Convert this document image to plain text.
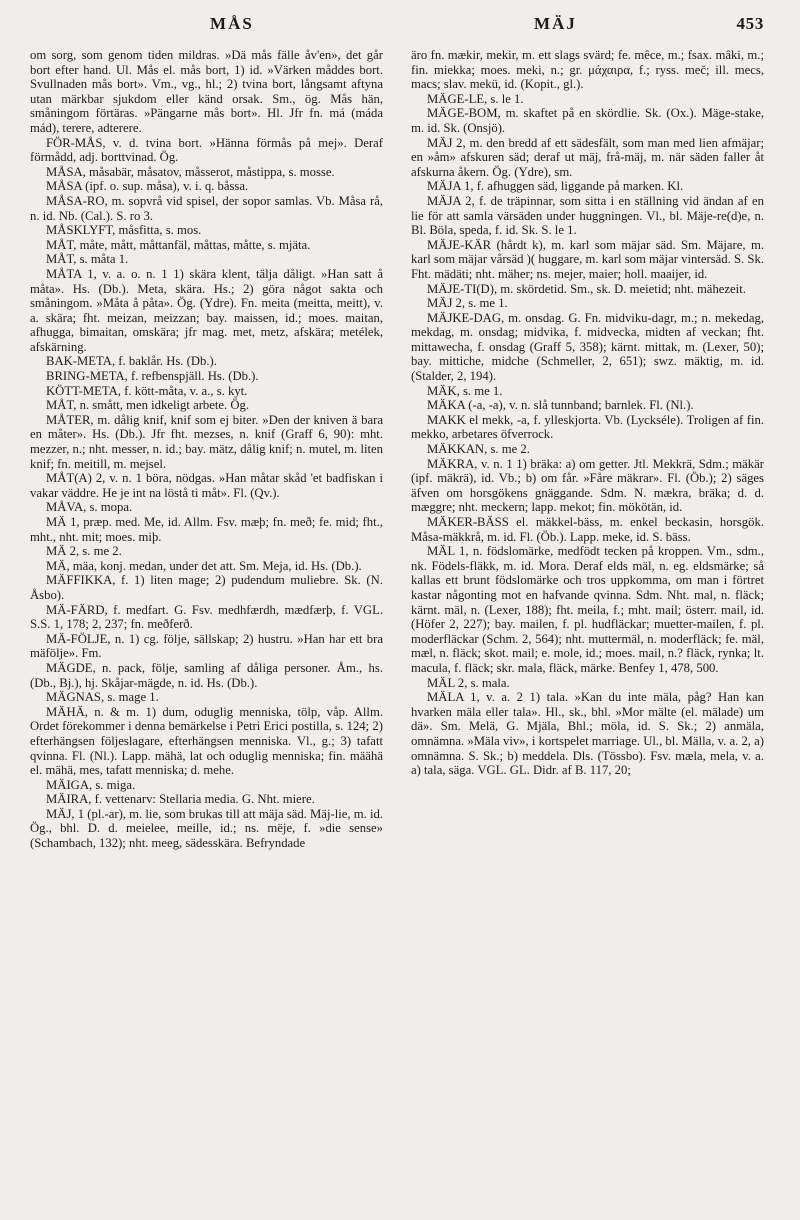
MÅS	MÄJ	453

om sorg, som genom tiden mildras. »Dä mås fälle åv'en», det går bort efter hand. Ul. Mås el. mås bort, 1) id. »Värken måddes bort. Svullnaden mås bort». Vm., vg., hl.; 2) tvina bort, långsamt aftyna utan märkbar sjukdom eller känd orsak. Sm., ög. Mås hän, småningom förtäras. »Pängarne mås bort». Hl. Jfr fn. má (máda mád), terere, adterere.

FÖR-MÅS, v. d. tvina bort. »Hänna förmås på mej». Deraf förmådd, adj. borttvinad. Ög.

MÅSA, måsabär, måsatov, måsserot, måstippa, s. mosse.

MÅSA (ipf. o. sup. måsa), v. i. q. båssa.

MÅSA-RO, m. sopvrå vid spisel, der sopor samlas. Vb. Måsa rå, n. id. Nb. (Cal.). S. ro 3.

MÅSKLYFT, måsfitta, s. mos.

MÅT, måte, mått, måttanfäl, måttas, måtte, s. mjäta.

MÅT, s. måta 1.

MÅTA 1, v. a. o. n. 1 1) skära klent, tälja dåligt. »Han satt å måta». Hs. (Db.). Meta, skära. Hs.; 2) göra något sakta och småningom. »Måta å påta». Ög. (Ydre). Fn. meita (meitta, meitt), v. a. skära; fht. meizan, meizzan; bay. maissen, id.; moes. maitan, afhugga, bimaitan, omskära; jfr mag. met, metz, afskära; metélek, afskärning.

BAK-META, f. baklår. Hs. (Db.).

BRING-META, f. refbenspjäll. Hs. (Db.).

KÖTT-META, f. kött-måta, v. a., s. kyt.

MÅT, n. smått, men idkeligt arbete. Ög.

MÅTER, m. dålig knif, knif som ej biter. »Den der kniven ä bara en måter». Hs. (Db.). Jfr fht. mezses, n. knif (Graff 6, 90): mht. mezzer, n.; nht. messer, n. id.; bay. mätz, dålig knif; n. mutel, m. liten knif; fn. meitill, m. mejsel.

MÅT(A) 2, v. n. 1 böra, nödgas. »Han måtar skåd 'et badfiskan i vakar väddre. He je int na löstå ti måt». Fl. (Qv.).

MÅVA, s. mopa.

MÄ 1, præp. med. Me, id. Allm. Fsv. mæþ; fn. með; fe. mid; fht., mht., nht. mit; moes. miþ.

MÄ 2, s. me 2.

MÄ, mäa, konj. medan, under det att. Sm. Meja, id. Hs. (Db.).

MÄFFIKKA, f. 1) liten mage; 2) pudendum muliebre. Sk. (N. Åsbo).

MÄ-FÄRD, f. medfart. G. Fsv. medhfærdh, mædfærþ, f. VGL. S.S. 1, 178; 2, 237; fn. meðferð.

MÄ-FÖLJE, n. 1) cg. följe, sällskap; 2) hustru. »Han har ett bra mäfölje». Fm.

MÄGDE, n. pack, följe, samling af dåliga personer. Åm., hs. (Db., Bj.), hj. Skåjar-mägde, n. id. Hs. (Db.).

MÄGNAS, s. mage 1.

MÄHÄ, n. & m. 1) dum, oduglig menniska, tölp, våp. Allm. Ordet förekommer i denna bemärkelse i Petri Erici postilla, s. 124; 2) efterhängsen följeslagare, efterhängsen menniska. Vl., g.; 3) tafatt qvinna. Fl. (Nl.). Lapp. mähä, lat och oduglig menniska; fin. määhä el. mähä, mes, tafatt menniska; d. mehe.

MÄIGA, s. miga.

MÄIRA, f. vettenarv: Stellaria media. G. Nht. miere.

MÄJ, 1 (pl.-ar), m. lie, som brukas till att mäja säd. Mäj-lie, m. id. Ög., bhl. D. d. meielee, meille, id.; ns. mëje, f. »die sense» (Schambach, 132); nht. meeg, sädesskära. Befryndade

äro fn. mækir, mekir, m. ett slags svärd; fe. mêce, m.; fsax. mâki, m.; fin. miekka; moes. meki, n.; gr. μάχαιρα, f.; ryss. meč; ill. mecs, macs; slav. mekü, id. (Kopit., gl.).

MÄGE-LE, s. le 1.

MÄGE-BOM, m. skaftet på en skördlie. Sk. (Ox.). Mäge-stake, m. id. Sk. (Onsjö).

MÄJ 2, m. den bredd af ett sädesfält, som man med lien afmäjar; en »åm» afskuren säd; deraf ut mäj, frå-mäj, m. när säden faller åt afskurna åkern. Ög. (Ydre), sm.

MÄJA 1, f. afhuggen säd, liggande på marken. Kl.

MÄJA 2, f. de träpinnar, som sitta i en ställning vid ändan af en lie för att samla värsäden under huggningen. Vl., bl. Mäje-re(d)e, n. Bl. Böla, speda, f. id. Sk. S. le 1.

MÄJE-KÄR (hårdt k), m. karl som mäjar säd. Sm. Mäjare, m. karl som mäjar vårsäd )( huggare, m. karl som mäjar vintersäd. S. Sk. Fht. mädäti; nht. mäher; ns. mejer, maier; holl. maaijer, id.

MÄJE-TI(D), m. skördetid. Sm., sk. D. meietid; nht. mähezeit.

MÄJ 2, s. me 1.

MÄJKE-DAG, m. onsdag. G. Fn. midviku-dagr, m.; n. mekedag, mekdag, m. onsdag; midvika, f. midvecka, midten af veckan; fht. mittawecha, f. onsdag (Graff 5, 358); kärnt. mittak, m. (Lexer, 50); bay. mittiche, midche (Schmeller, 2, 651); swz. mäktig, m. id. (Stalder, 2, 194).

MÄK, s. me 1.

MÄKA (-a, -a), v. n. slå tunnband; barnlek. Fl. (Nl.).

MAKK el mekk, -a, f. ylleskjorta. Vb. (Lyckséle). Troligen af fin. mekko, arbetares öfverrock.

MÄKKAN, s. me 2.

MÄKRA, v. n. 1 1) bräka: a) om getter. Jtl. Mekkrä, Sdm.; mäkär (ipf. mäkrä), id. Vb.; b) om får. »Fåre mäkrar». Fl. (Öb.); 2) säges äfven om horsgökens gnäggande. Sdm. N. mækra, bräka; d. d. mæggre; nht. meckern; lapp. mekot; fin. mökötän, id.

MÄKER-BÄSS el. mäkkel-bäss, m. enkel beckasin, horsgök. Måsa-mäkkrå, m. id. Fl. (Öb.). Lapp. meke, id. S. bäss.

MÄL 1, n. födslomärke, medfödt tecken på kroppen. Vm., sdm., nk. Födels-fläkk, m. id. Mora. Deraf elds mäl, n. eg. eldsmärke; så kallas ett brunt födslomärke och tros uppkomma, om man i förtret kastar någonting mot en hafvande qvinna. Sdm. Nht. mal, n. fläck; kärnt. mäl, n. (Lexer, 188); fht. meila, f.; mht. mail; österr. mail, id. (Höfer 2, 227); bay. mailen, f. pl. hudfläckar; muetter-mailen, f. pl. moderfläckar (Schm. 2, 564); nht. muttermäl, n. moderfläck; fe. mäl, mæl, n. fläck; skot. mail; e. mole, id.; moes. mail, n.? fläck, rynka; lt. macula, f. fläck; skr. mala, fläck, märke. Benfey 1, 478, 500.

MÄL 2, s. mala.

MÄLA 1, v. a. 2 1) tala. »Kan du inte mäla, påg? Han kan hvarken mäla eller tala». Hl., sk., bhl. »Mor mälte (el. mälade) um dä». Sm. Melä, G. Mjäla, Bhl.; möla, id. S. Sk.; 2) anmäla, omnämna. »Mäla viv», i kortspelet marriage. Ul., bl. Mälla, v. a. 2, a) omnämna. S. Sk.; b) meddela. Dls. (Tössbo). Fsv. mæla, mela, v. a. a) tala, säga. VGL. GL. Didr. af B. 117, 20;
